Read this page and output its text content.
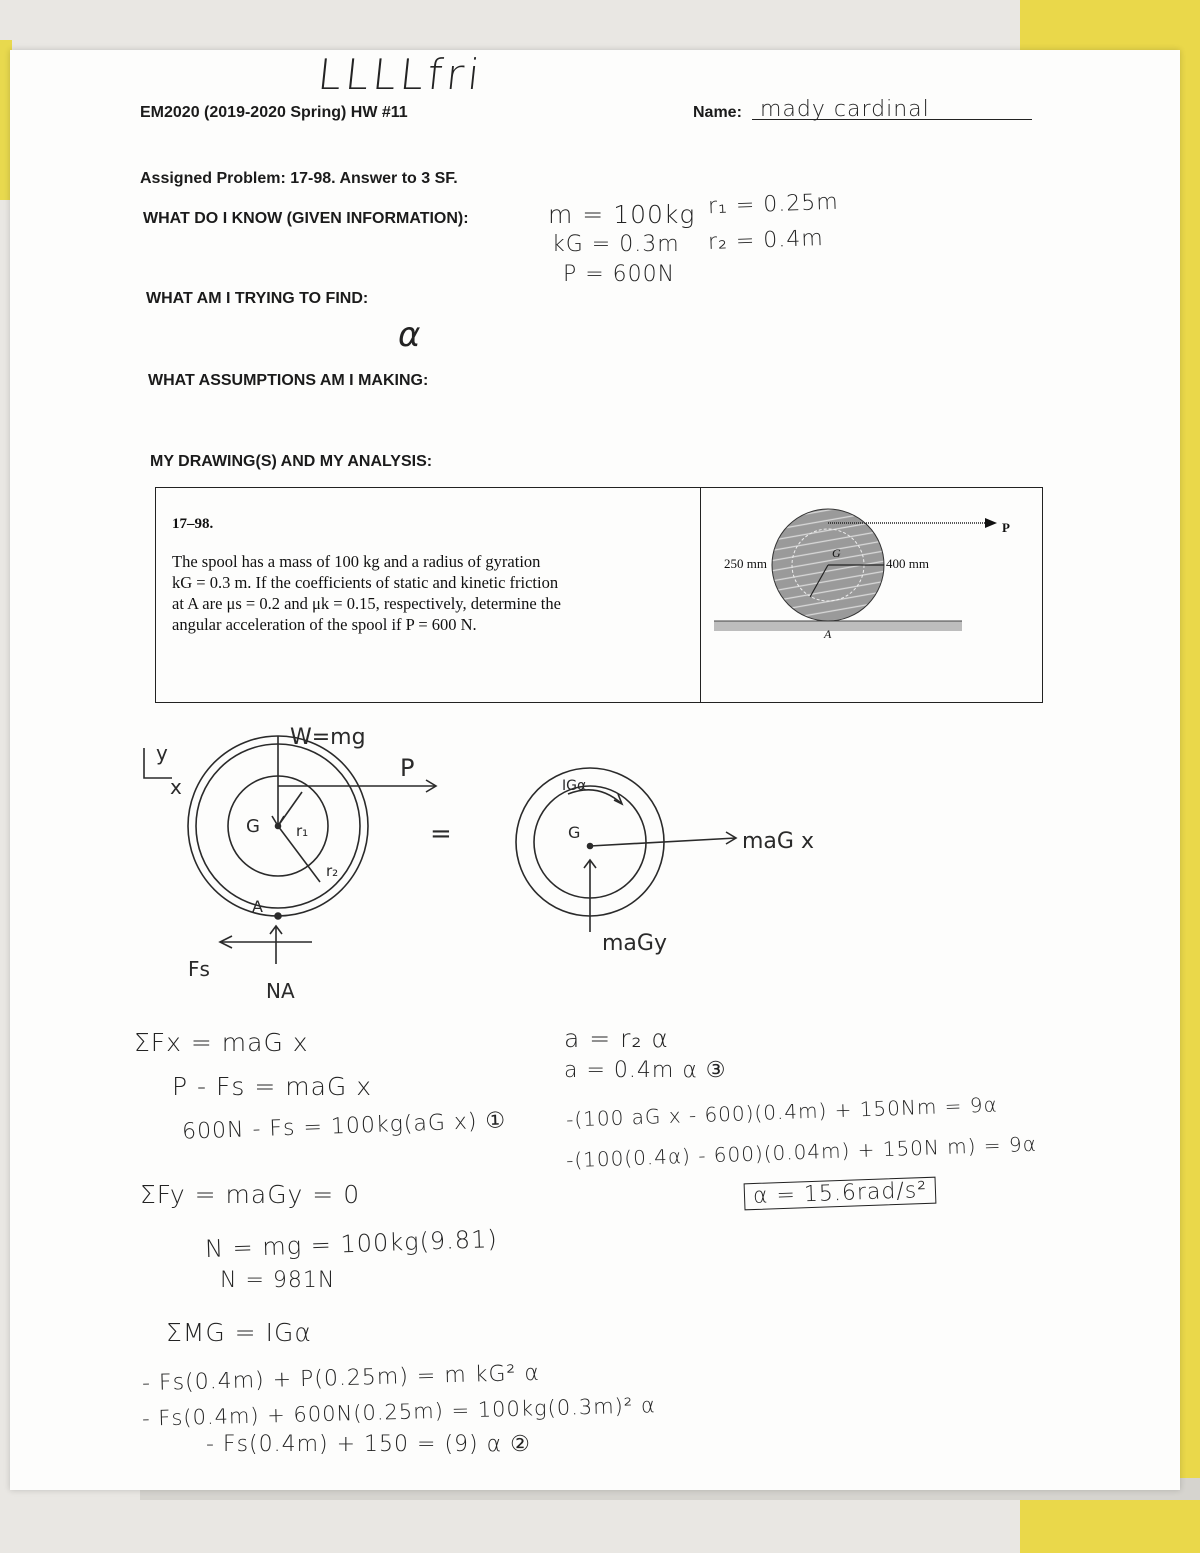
LLLLfri
EM2020 (2019-2020 Spring) HW #11	Name: mady cardinal
Assigned Problem: 17-98. Answer to 3 SF.
WHAT DO I KNOW (GIVEN INFORMATION):
WHAT AM I TRYING TO FIND:
WHAT ASSUMPTIONS AM I MAKING:
MY DRAWING(S) AND MY ANALYSIS:
m = 100kg
kG = 0.3m
P = 600N
r₁ = 0.25m
r₂ = 0.4m
α
17–98.
The spool has a mass of 100 kg and a radius of gyration
kG = 0.3 m. If the coefficients of static and kinetic friction
at A are μs = 0.2 and μk = 0.15, respectively, determine the
angular acceleration of the spool if P = 600 N.
P
250 mm	400 mm
G
A
y
x
W=mg
P
G r₁
r₂
A
Fs
NA
=
IGα
G	maG x
maGy
ΣFx = maG x
P - Fs = maG x
600N - Fs = 100kg(aG x) ①
ΣFy = maGy = 0
N = mg = 100kg(9.81)
N = 981N
ΣMG = IGα
- Fs(0.4m) + P(0.25m) = m kG² α
- Fs(0.4m) + 600N(0.25m) = 100kg(0.3m)² α
- Fs(0.4m) + 150 = (9) α ②
a = r₂ α
a = 0.4m α ③
-(100 aG x - 600)(0.4m) + 150Nm = 9α
-(100(0.4α) - 600)(0.04m) + 150N m) = 9α
α = 15.6rad/s²
